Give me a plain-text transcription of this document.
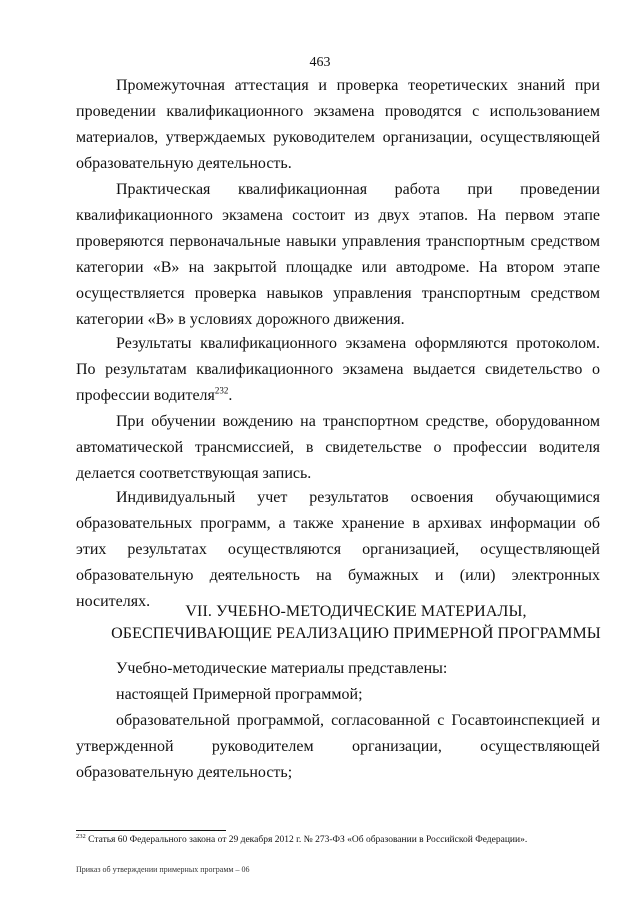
463

Промежуточная аттестация и проверка теоретических знаний при проведении квалификационного экзамена проводятся с использованием материалов, утверждаемых руководителем организации, осуществляющей образовательную деятельность.

Практическая квалификационная работа при проведении квалификационного экзамена состоит из двух этапов. На первом этапе проверяются первоначальные навыки управления транспортным средством категории «B» на закрытой площадке или автодроме. На втором этапе осуществляется проверка навыков управления транспортным средством категории «B» в условиях дорожного движения.

Результаты квалификационного экзамена оформляются протоколом. По результатам квалификационного экзамена выдается свидетельство о профессии водителя$^{232}$.

При обучении вождению на транспортном средстве, оборудованном автоматической трансмиссией, в свидетельстве о профессии водителя делается соответствующая запись.

Индивидуальный учет результатов освоения обучающимися образовательных программ, а также хранение в архивах информации об этих результатах осуществляются организацией, осуществляющей образовательную деятельность на бумажных и (или) электронных носителях.

VII. УЧЕБНО-МЕТОДИЧЕСКИЕ МАТЕРИАЛЫ,
ОБЕСПЕЧИВАЮЩИЕ РЕАЛИЗАЦИЮ ПРИМЕРНОЙ ПРОГРАММЫ

Учебно-методические материалы представлены:

настоящей Примерной программой;

образовательной программой, согласованной с Госавтоинспекцией и утвержденной руководителем организации, осуществляющей образовательную деятельность;

$^{232}$ Статья 60 Федерального закона от 29 декабря 2012 г. № 273-ФЗ «Об образовании в Российской Федерации».
Приказ об утверждении примерных программ – 06
